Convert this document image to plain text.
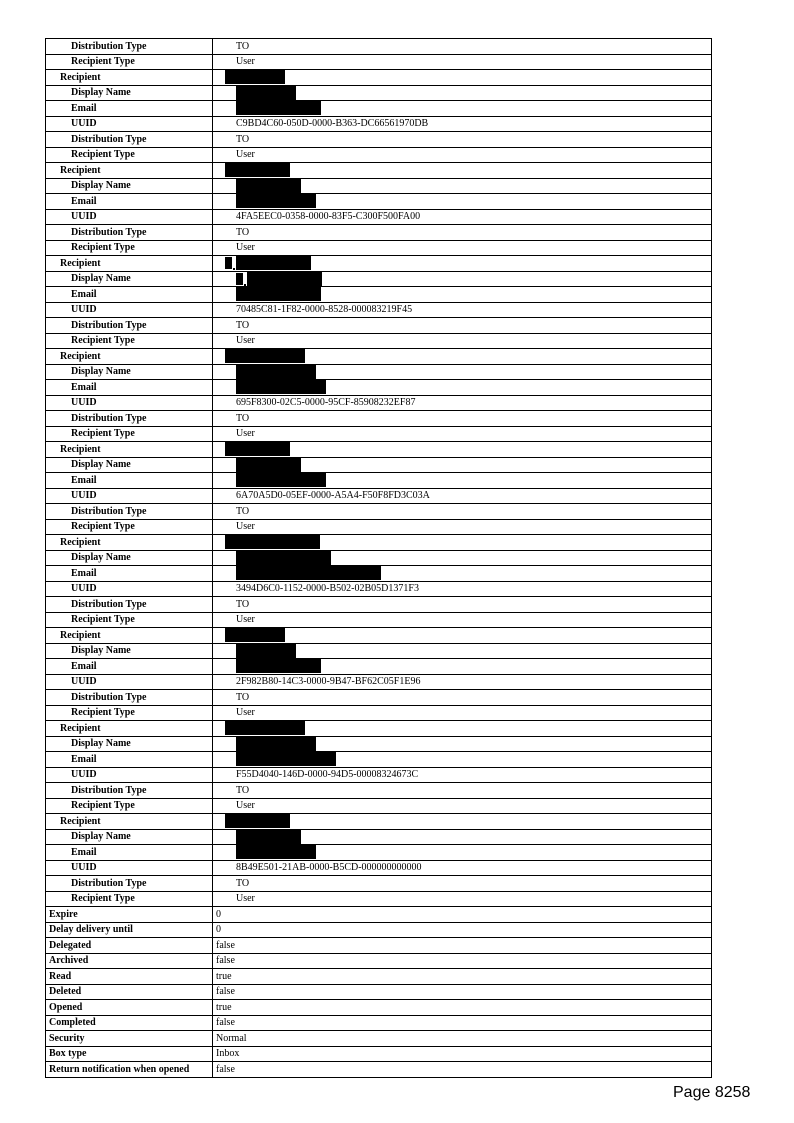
Distribution Type	TO
Recipient Type	User
Recipient	
Display Name	
Email	
UUID	C9BD4C60-050D-0000-B363-DC66561970DB
Distribution Type	TO
Recipient Type	User
Recipient	
Display Name	
Email	
UUID	4FA5EEC0-0358-0000-83F5-C300F500FA00
Distribution Type	TO
Recipient Type	User
Recipient	
Display Name	
Email	
UUID	70485C81-1F82-0000-8528-000083219F45
Distribution Type	TO
Recipient Type	User
Recipient	
Display Name	
Email	
UUID	695F8300-02C5-0000-95CF-85908232EF87
Distribution Type	TO
Recipient Type	User
Recipient	
Display Name	
Email	
UUID	6A70A5D0-05EF-0000-A5A4-F50F8FD3C03A
Distribution Type	TO
Recipient Type	User
Recipient	
Display Name	
Email	
UUID	3494D6C0-1152-0000-B502-02B05D1371F3
Distribution Type	TO
Recipient Type	User
Recipient	
Display Name	
Email	
UUID	2F982B80-14C3-0000-9B47-BF62C05F1E96
Distribution Type	TO
Recipient Type	User
Recipient	
Display Name	
Email	
UUID	F55D4040-146D-0000-94D5-00008324673C
Distribution Type	TO
Recipient Type	User
Recipient	
Display Name	
Email	
UUID	8B49E501-21AB-0000-B5CD-000000000000
Distribution Type	TO
Recipient Type	User
Expire	0
Delay delivery until	0
Delegated	false
Archived	false
Read	true
Deleted	false
Opened	true
Completed	false
Security	Normal
Box type	Inbox
Return notification when opened	false
Page 8258
